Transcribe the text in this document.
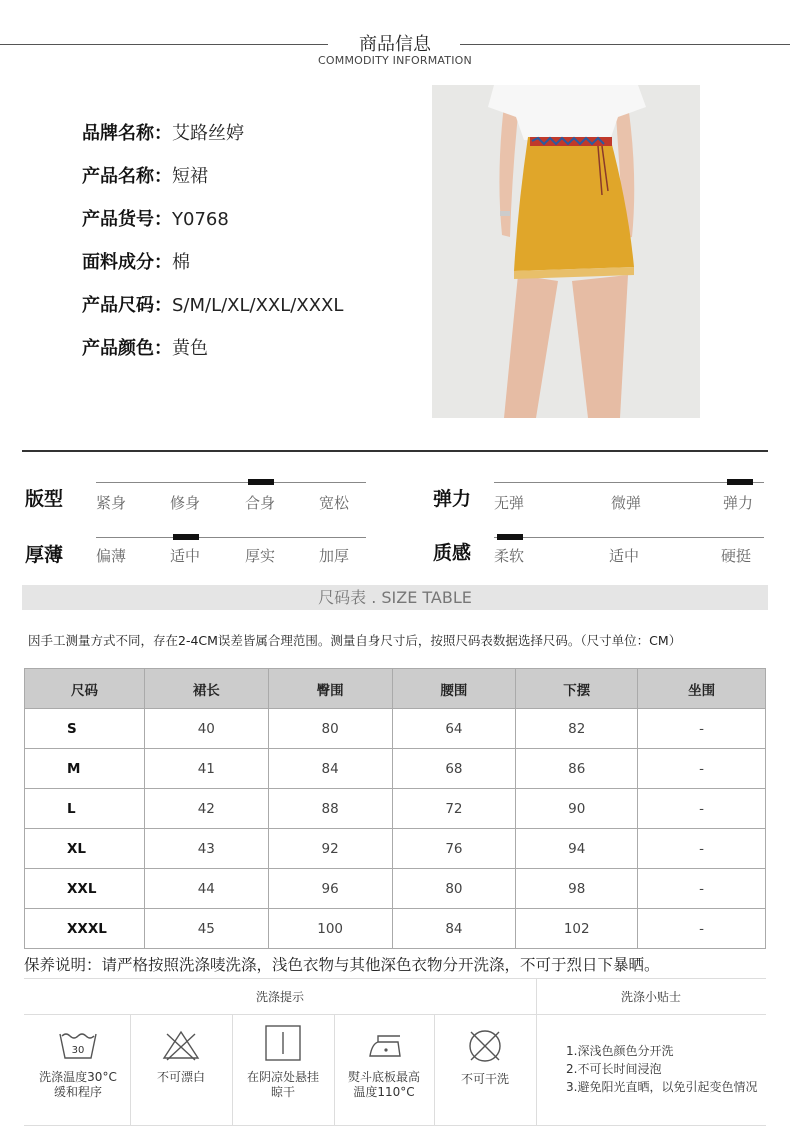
商品信息
COMMODITY INFORMATION
品牌名称：艾路丝婷
产品名称：短裙
产品货号：Y0768
面料成分：棉
产品尺码：S/M/L/XL/XXL/XXXL
产品颜色：黄色
版型 紧身	修身	合身	宽松	弹力 无弹	微弹	弹力
厚薄 偏薄	适中	厚实	加厚	质感 柔软	适中	硬挺
尺码表 . SIZE TABLE
因手工测量方式不同，存在2-4CM误差皆属合理范围。测量自身尺寸后，按照尺码表数据选择尺码。（尺寸单位：CM）
尺码	裙长	臀围	腰围	下摆	坐围
S	40	80	64	82	-
M	41	84	68	86	-
L	42	88	72	90	-
XL	43	92	76	94	-
XXL	44	96	80	98	-
XXXL	45	100	84	102	-
保养说明：请严格按照洗涤唛洗涤，浅色衣物与其他深色衣物分开洗涤，不可于烈日下暴晒。
洗涤提示	洗涤小贴士
30
洗涤温度30°C
缓和程序
不可漂白	在阴凉处悬挂
晾干
熨斗底板最高
温度110°C
不可干洗
1.深浅色颜色分开洗
2.不可长时间浸泡
3.避免阳光直晒，以免引起变色情况
